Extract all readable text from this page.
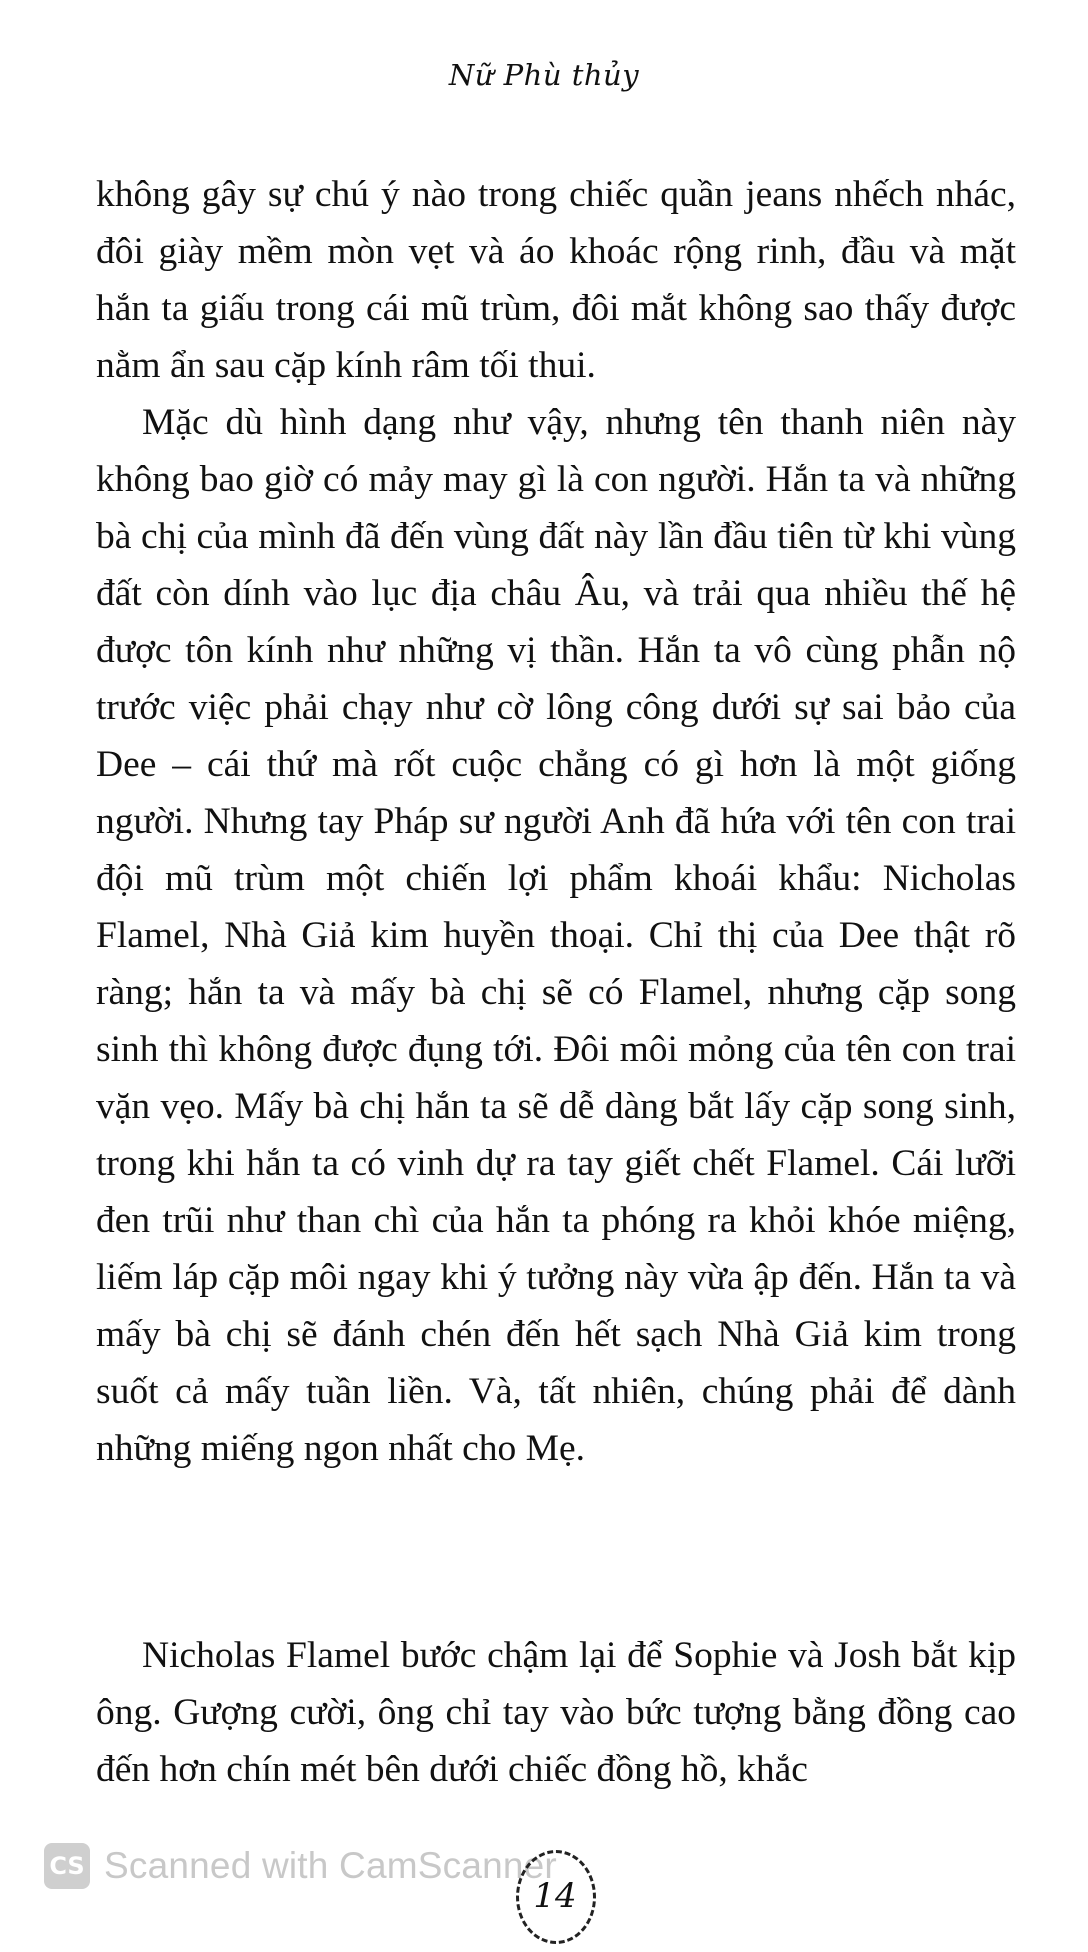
Nữ Phù thủy

không gây sự chú ý nào trong chiếc quần jeans nhếch nhác, đôi giày mềm mòn vẹt và áo khoác rộng rinh, đầu và mặt hắn ta giấu trong cái mũ trùm, đôi mắt không sao thấy được nằm ẩn sau cặp kính râm tối thui.

Mặc dù hình dạng như vậy, nhưng tên thanh niên này không bao giờ có mảy may gì là con người. Hắn ta và những bà chị của mình đã đến vùng đất này lần đầu tiên từ khi vùng đất còn dính vào lục địa châu Âu, và trải qua nhiều thế hệ được tôn kính như những vị thần. Hắn ta vô cùng phẫn nộ trước việc phải chạy như cờ lông công dưới sự sai bảo của Dee – cái thứ mà rốt cuộc chẳng có gì hơn là một giống người. Nhưng tay Pháp sư người Anh đã hứa với tên con trai đội mũ trùm một chiến lợi phẩm khoái khẩu: Nicholas Flamel, Nhà Giả kim huyền thoại. Chỉ thị của Dee thật rõ ràng; hắn ta và mấy bà chị sẽ có Flamel, nhưng cặp song sinh thì không được đụng tới. Đôi môi mỏng của tên con trai vặn vẹo. Mấy bà chị hắn ta sẽ dễ dàng bắt lấy cặp song sinh, trong khi hắn ta có vinh dự ra tay giết chết Flamel. Cái lưỡi đen trũi như than chì của hắn ta phóng ra khỏi khóe miệng, liếm láp cặp môi ngay khi ý tưởng này vừa ập đến. Hắn ta và mấy bà chị sẽ đánh chén đến hết sạch Nhà Giả kim trong suốt cả mấy tuần liền. Và, tất nhiên, chúng phải để dành những miếng ngon nhất cho Mẹ.

Nicholas Flamel bước chậm lại để Sophie và Josh bắt kịp ông. Gượng cười, ông chỉ tay vào bức tượng bằng đồng cao đến hơn chín mét bên dưới chiếc đồng hồ, khắc

CS Scanned with CamScanner
14
